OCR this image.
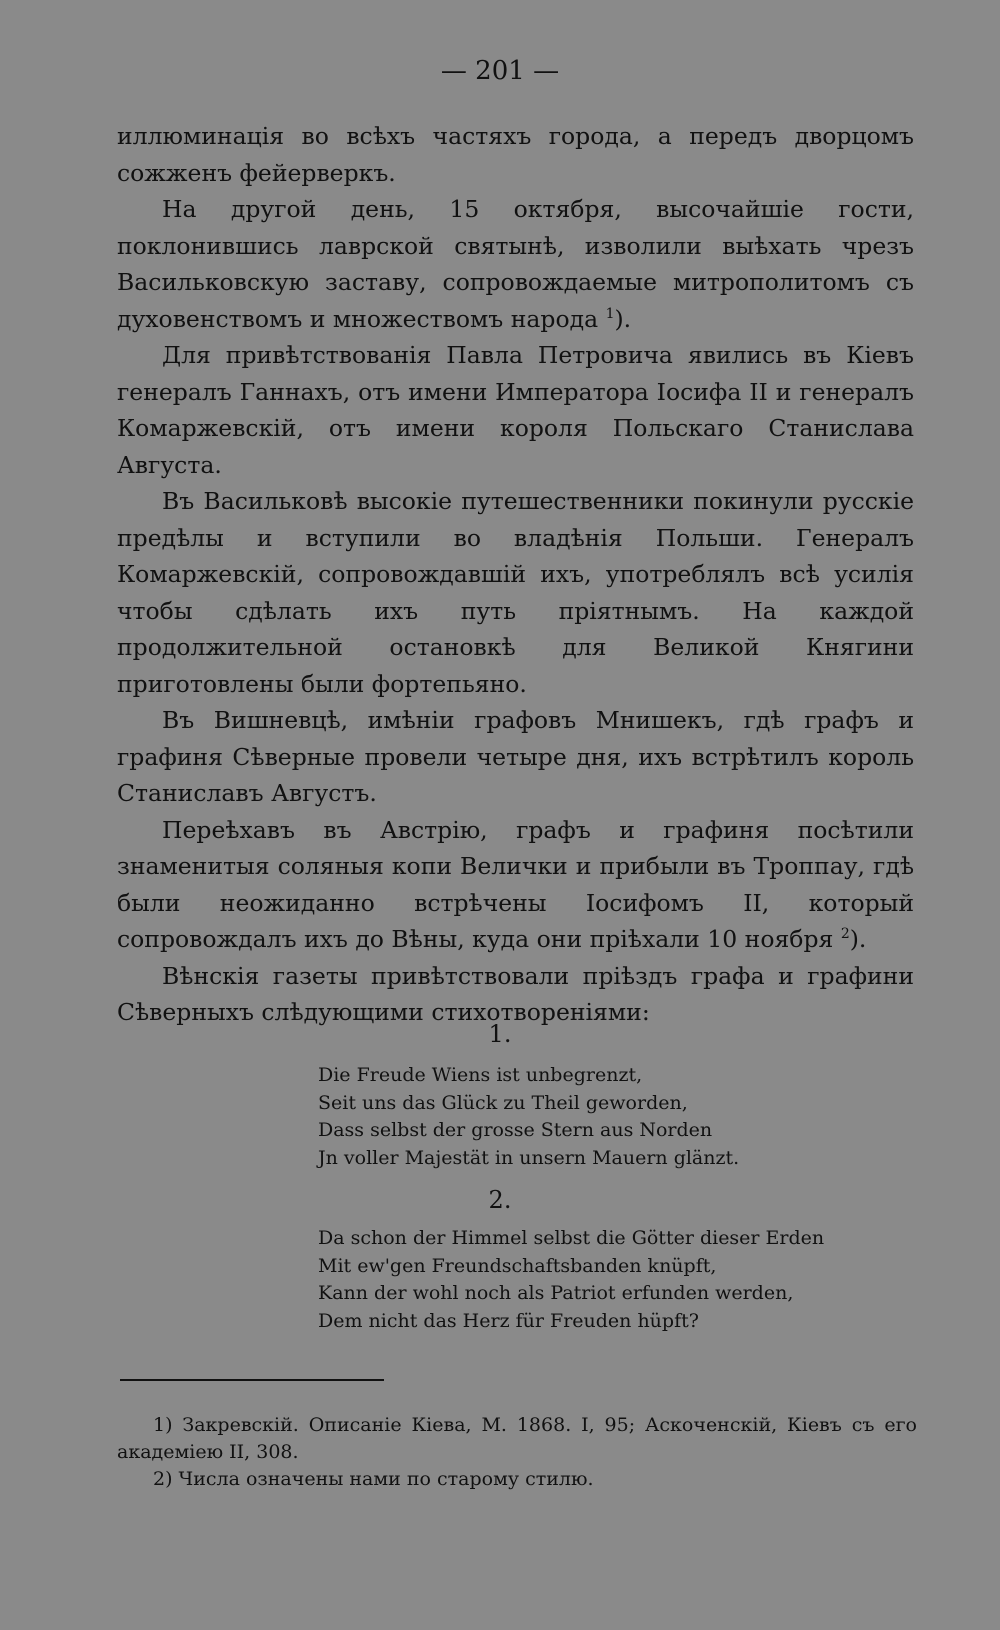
— 201 —

иллюминація во всѣхъ частяхъ города, а передъ дворцомъ сожженъ фейерверкъ.

На другой день, 15 октября, высочайшіе гости, поклонившись лаврской святынѣ, изволили выѣхать чрезъ Васильковскую заставу, сопровождаемые митрополитомъ съ духовенствомъ и множествомъ народа $^1$).

Для привѣтствованія Павла Петровича явились въ Кіевъ генералъ Ганнахъ, отъ имени Императора Іосифа II и генералъ Комаржевскій, отъ имени короля Польскаго Станислава Августа.

Въ Васильковѣ высокіе путешественники покинули русскіе предѣлы и вступили во владѣнія Польши. Генералъ Комаржевскій, сопровождавшій ихъ, употреблялъ всѣ усилія чтобы сдѣлать ихъ путь пріятнымъ. На каждой продолжительной остановкѣ для Великой Княгини приготовлены были фортепьяно.

Въ Вишневцѣ, имѣніи графовъ Мнишекъ, гдѣ графъ и графиня Сѣверные провели четыре дня, ихъ встрѣтилъ король Станиславъ Августъ.

Переѣхавъ въ Австрію, графъ и графиня посѣтили знаменитыя соляныя копи Велички и прибыли въ Троппау, гдѣ были неожиданно встрѣчены Іосифомъ II, который сопровождалъ ихъ до Вѣны, куда они пріѣхали 10 ноября $^2$).

Вѣнскія газеты привѣтствовали пріѣздъ графа и графини Сѣверныхъ слѣдующими стихотвореніями:

1.
Die Freude Wiens ist unbegrenzt,
Seit uns das Glück zu Theil geworden,
Dass selbst der grosse Stern aus Norden
Jn voller Majestät in unsern Mauern glänzt.
2.
Da schon der Himmel selbst die Götter dieser Erden
Mit ew'gen Freundschaftsbanden knüpft,
Kann der wohl noch als Patriot erfunden werden,
Dem nicht das Herz für Freuden hüpft?

1) Закревскій. Описаніе Кіева, М. 1868. I, 95; Аскоченскій, Кіевъ съ его академіею II, 308.

2) Числа означены нами по старому стилю.
